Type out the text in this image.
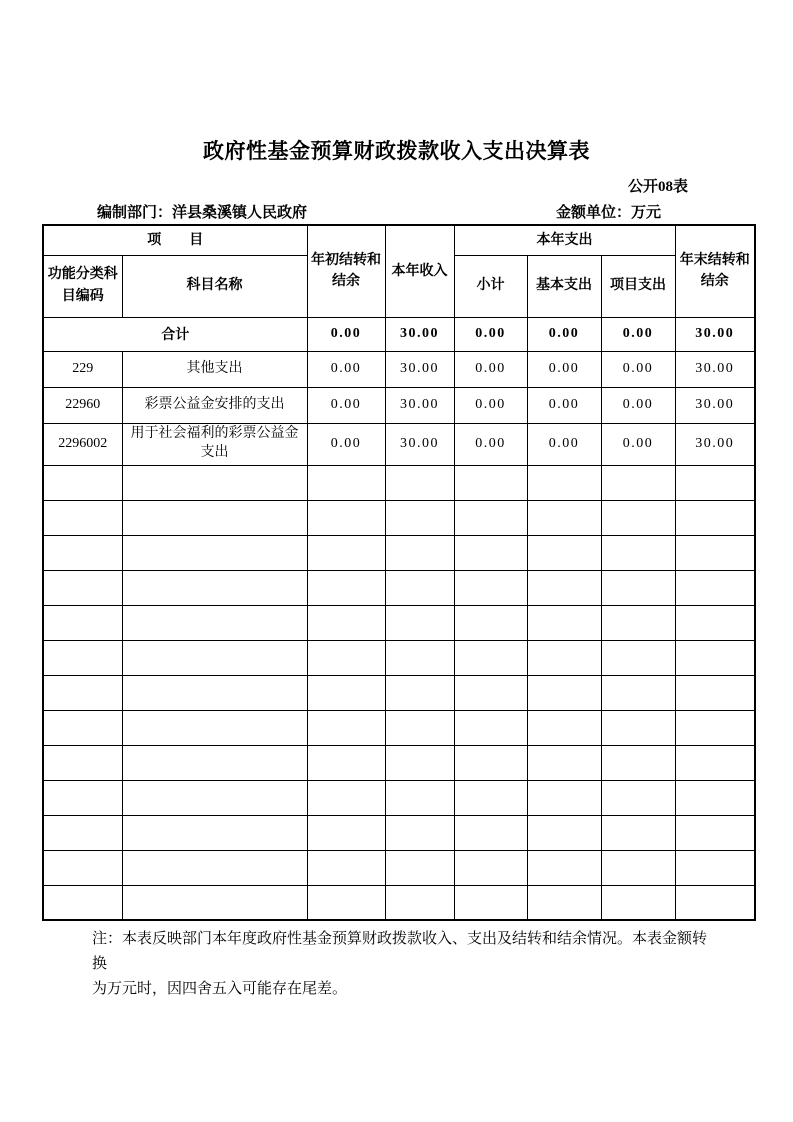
政府性基金预算财政拨款收入支出决算表
公开08表
编制部门：洋县桑溪镇人民政府	金额单位：万元
项　　目		年初结转和结余	本年收入	本年支出			年末结转和结余
功能分类科目编码	科目名称			小计	基本支出	项目支出	
合计		0.00	30.00	0.00	0.00	0.00	30.00
229	其他支出	0.00	30.00	0.00	0.00	0.00	30.00
22960	彩票公益金安排的支出	0.00	30.00	0.00	0.00	0.00	30.00
2296002	用于社会福利的彩票公益金支出	0.00	30.00	0.00	0.00	0.00	30.00

注：本表反映部门本年度政府性基金预算财政拨款收入、支出及结转和结余情况。本表金额转换
为万元时，因四舍五入可能存在尾差。
